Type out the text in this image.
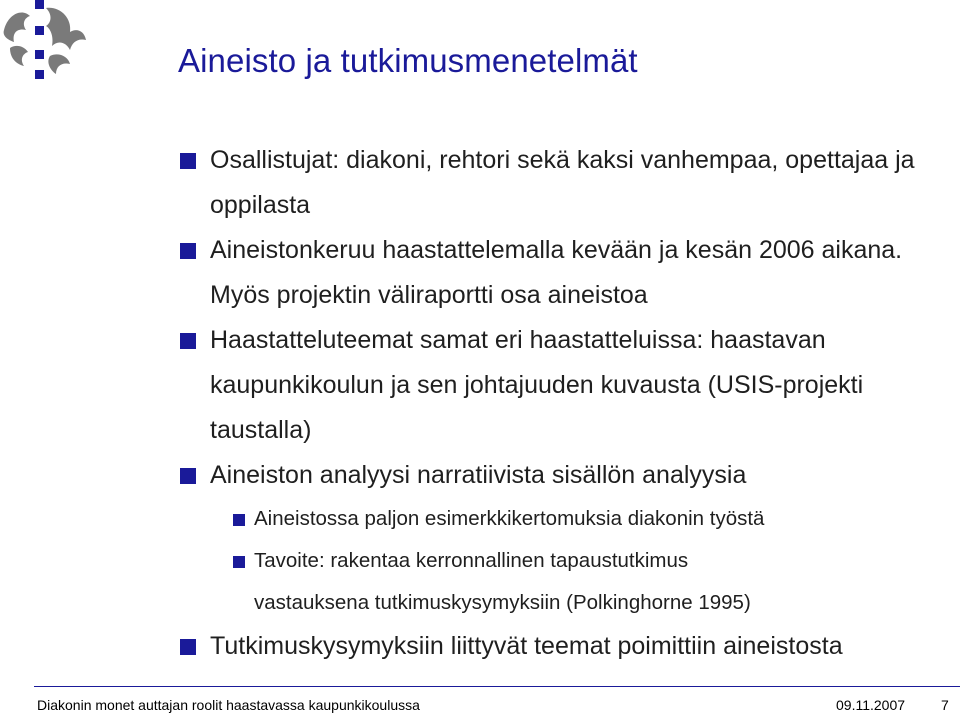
Aineisto ja tutkimusmenetelmät
Osallistujat: diakoni, rehtori sekä kaksi vanhempaa, opettajaa ja oppilasta
Aineistonkeruu haastattelemalla kevään ja kesän 2006 aikana. Myös projektin väliraportti osa aineistoa
Haastatteluteemat samat eri haastatteluissa: haastavan kaupunkikoulun ja sen johtajuuden kuvausta (USIS-projekti taustalla)
Aineiston analyysi narratiivista sisällön analyysia
Aineistossa paljon esimerkkikertomuksia diakonin työstä
Tavoite: rakentaa kerronnallinen tapaustutkimus
vastauksena tutkimuskysymyksiin (Polkinghorne 1995)
Tutkimuskysymyksiin liittyvät teemat poimittiin aineistosta
Diakonin monet auttajan roolit haastavassa kaupunkikoulussa	09.11.2007	7
